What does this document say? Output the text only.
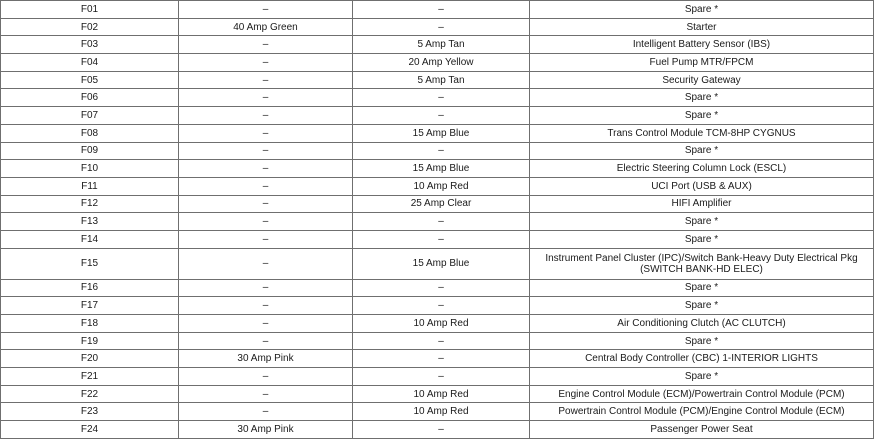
F01	–	–	Spare *
F02	40 Amp Green	–	Starter
F03	–	5 Amp Tan	Intelligent Battery Sensor (IBS)
F04	–	20 Amp Yellow	Fuel Pump MTR/FPCM
F05	–	5 Amp Tan	Security Gateway
F06	–	–	Spare *
F07	–	–	Spare *
F08	–	15 Amp Blue	Trans Control Module TCM-8HP CYGNUS
F09	–	–	Spare *
F10	–	15 Amp Blue	Electric Steering Column Lock (ESCL)
F11	–	10 Amp Red	UCI Port (USB & AUX)
F12	–	25 Amp Clear	HIFI Amplifier
F13	–	–	Spare *
F14	–	–	Spare *
F15	–	15 Amp Blue	Instrument Panel Cluster (IPC)/Switch Bank-Heavy Duty Electrical Pkg (SWITCH BANK-HD ELEC)
F16	–	–	Spare *
F17	–	–	Spare *
F18	–	10 Amp Red	Air Conditioning Clutch (AC CLUTCH)
F19	–	–	Spare *
F20	30 Amp Pink	–	Central Body Controller (CBC) 1-INTERIOR LIGHTS
F21	–	–	Spare *
F22	–	10 Amp Red	Engine Control Module (ECM)/Powertrain Control Module (PCM)
F23	–	10 Amp Red	Powertrain Control Module (PCM)/Engine Control Module (ECM)
F24	30 Amp Pink	–	Passenger Power Seat
